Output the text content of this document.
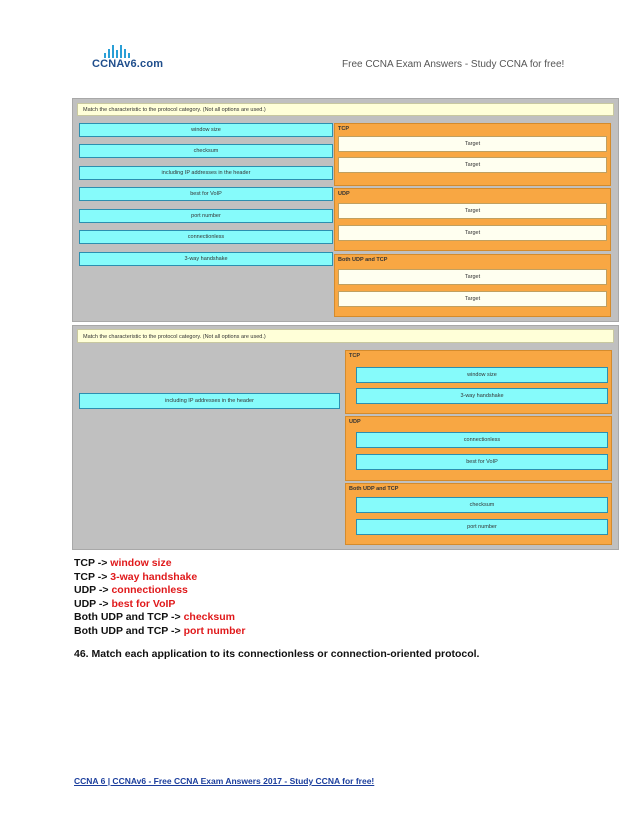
CCNAv6.com	Free CCNA Exam Answers - Study CCNA for free!
Match the characteristic to the protocol category. (Not all options are used.)
window size
checksum
including IP addresses in the header
best for VoIP
port number
connectionless
3-way handshake
TCP
Target
Target
UDP
Target
Target
Both UDP and TCP
Target
Target
Match the characteristic to the protocol category. (Not all options are used.)
including IP addresses in the header
TCP
window size
3-way handshake
UDP
connectionless
best for VoIP
Both UDP and TCP
checksum
port number
TCP -> window size
TCP -> 3-way handshake
UDP -> connectionless
UDP -> best for VoIP
Both UDP and TCP -> checksum
Both UDP and TCP -> port number
46. Match each application to its connectionless or connection-oriented protocol.
CCNA 6 | CCNAv6 - Free CCNA Exam Answers 2017 - Study CCNA for free!
